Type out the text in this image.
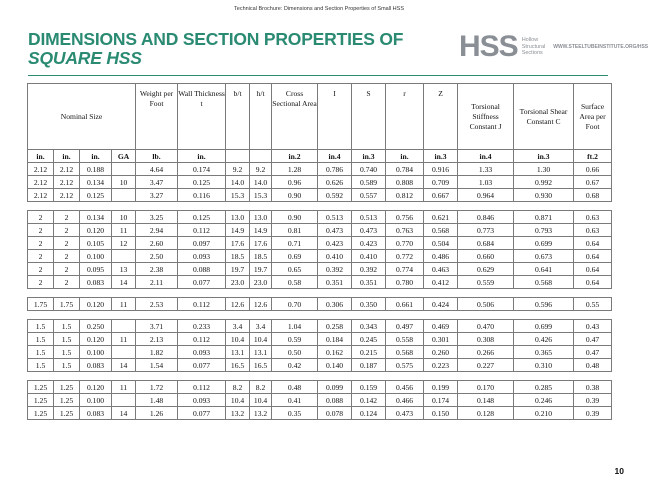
Technical Brochure: Dimensions and Section Properties of Small HSS
DIMENSIONS AND SECTION PROPERTIES OF
SQUARE HSS	HSS Hollow
Structural
Sections
WWW.STEELTUBEINSTITUTE.ORG/HSS
Nominal Size				Weight per Foot	Wall Thickness t	b/t	h/t	Cross Sectional Area	I	S	r	Z	Torsional Stiffness Constant J	Torsional Shear Constant C	Surface Area per Foot
in.	in.	in.	GA	lb.	in.			in.2	in.4	in.3	in.	in.3	in.4	in.3	ft.2
2.12	2.12	0.188		4.64	0.174	9.2	9.2	1.28	0.786	0.740	0.784	0.916	1.33	1.30	0.66
2.12	2.12	0.134	10	3.47	0.125	14.0	14.0	0.96	0.626	0.589	0.808	0.709	1.03	0.992	0.67
2.12	2.12	0.125		3.27	0.116	15.3	15.3	0.90	0.592	0.557	0.812	0.667	0.964	0.930	0.68

2	2	0.134	10	3.25	0.125	13.0	13.0	0.90	0.513	0.513	0.756	0.621	0.846	0.871	0.63
2	2	0.120	11	2.94	0.112	14.9	14.9	0.81	0.473	0.473	0.763	0.568	0.773	0.793	0.63
2	2	0.105	12	2.60	0.097	17.6	17.6	0.71	0.423	0.423	0.770	0.504	0.684	0.699	0.64
2	2	0.100		2.50	0.093	18.5	18.5	0.69	0.410	0.410	0.772	0.486	0.660	0.673	0.64
2	2	0.095	13	2.38	0.088	19.7	19.7	0.65	0.392	0.392	0.774	0.463	0.629	0.641	0.64
2	2	0.083	14	2.11	0.077	23.0	23.0	0.58	0.351	0.351	0.780	0.412	0.559	0.568	0.64

1.75	1.75	0.120	11	2.53	0.112	12.6	12.6	0.70	0.306	0.350	0.661	0.424	0.506	0.596	0.55

1.5	1.5	0.250		3.71	0.233	3.4	3.4	1.04	0.258	0.343	0.497	0.469	0.470	0.699	0.43
1.5	1.5	0.120	11	2.13	0.112	10.4	10.4	0.59	0.184	0.245	0.558	0.301	0.308	0.426	0.47
1.5	1.5	0.100		1.82	0.093	13.1	13.1	0.50	0.162	0.215	0.568	0.260	0.266	0.365	0.47
1.5	1.5	0.083	14	1.54	0.077	16.5	16.5	0.42	0.140	0.187	0.575	0.223	0.227	0.310	0.48

1.25	1.25	0.120	11	1.72	0.112	8.2	8.2	0.48	0.099	0.159	0.456	0.199	0.170	0.285	0.38
1.25	1.25	0.100		1.48	0.093	10.4	10.4	0.41	0.088	0.142	0.466	0.174	0.148	0.246	0.39
1.25	1.25	0.083	14	1.26	0.077	13.2	13.2	0.35	0.078	0.124	0.473	0.150	0.128	0.210	0.39
10
